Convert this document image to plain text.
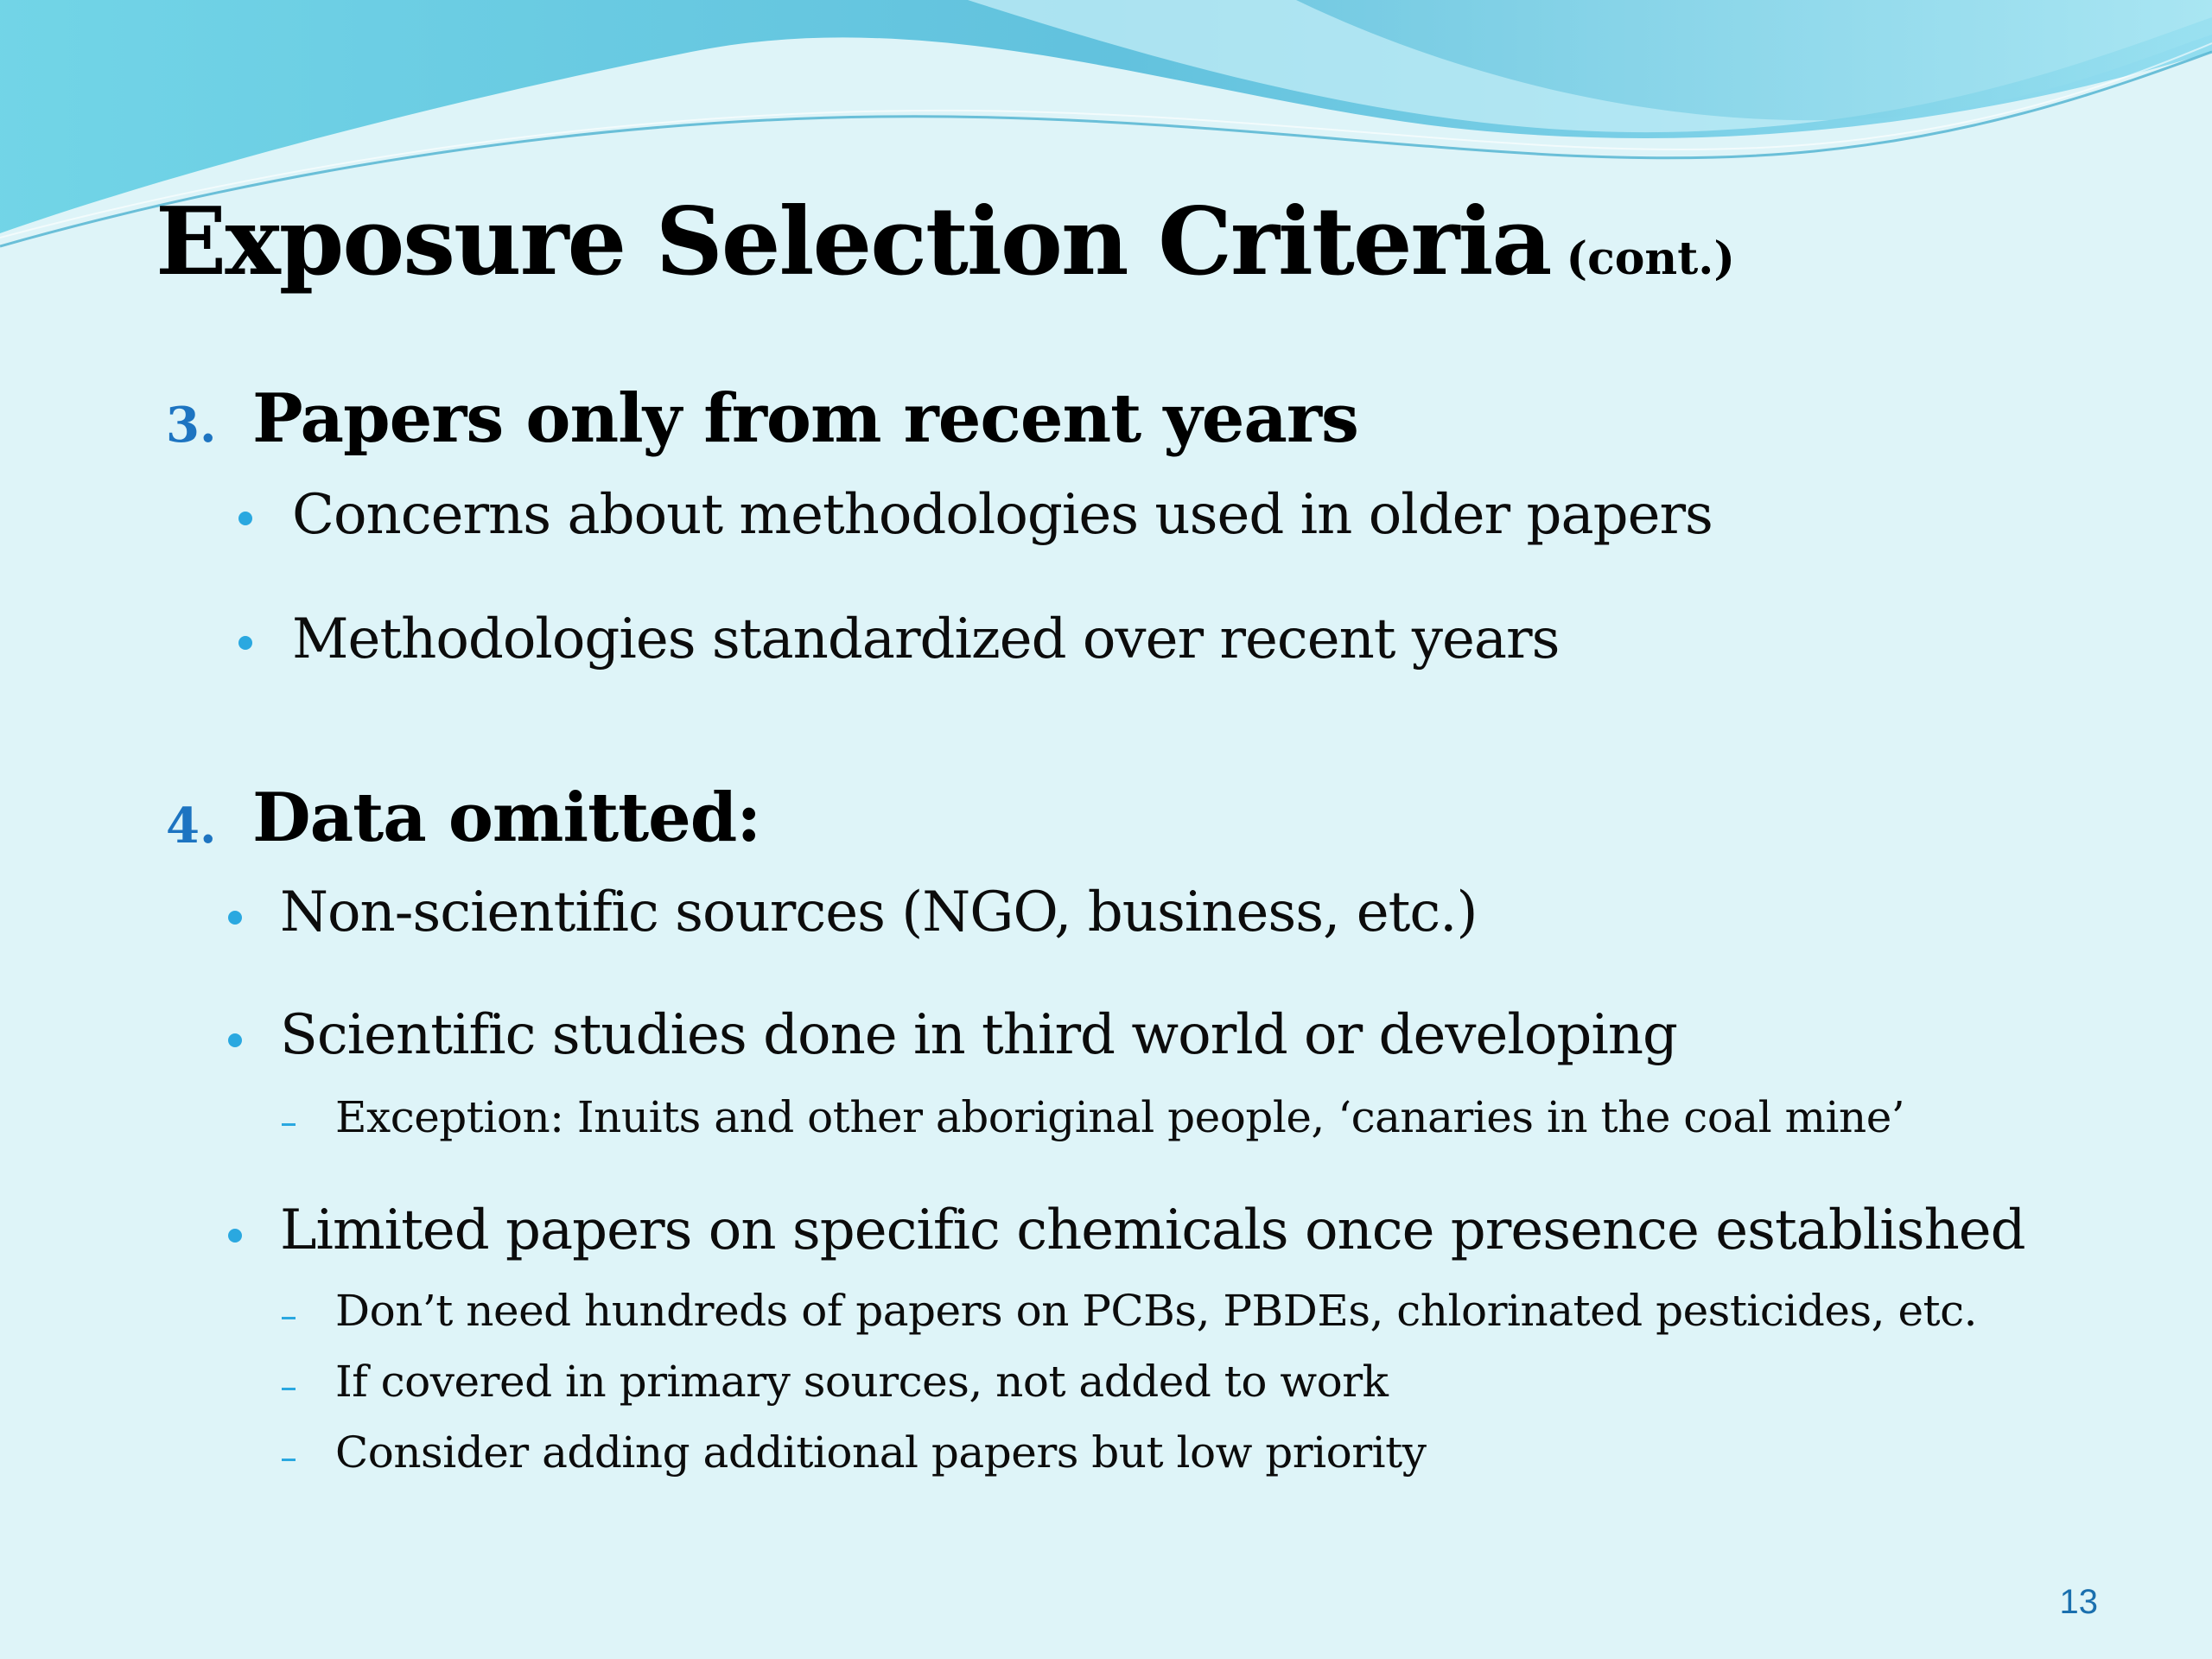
Exposure Selection Criteria (cont.)
3. Papers only from recent years

Concerns about methodologies used in older papers

Methodologies standardized over recent years

4. Data omitted:

Non-scientific sources (NGO, business, etc.)

Scientific studies done in third world or developing

Exception: Inuits and other aboriginal people, ‘canaries in the coal mine’

Limited papers on specific chemicals once presence established

Don’t need hundreds of papers on PCBs, PBDEs, chlorinated pesticides, etc.

If covered in primary sources, not added to work

Consider adding additional papers but low priority

13
